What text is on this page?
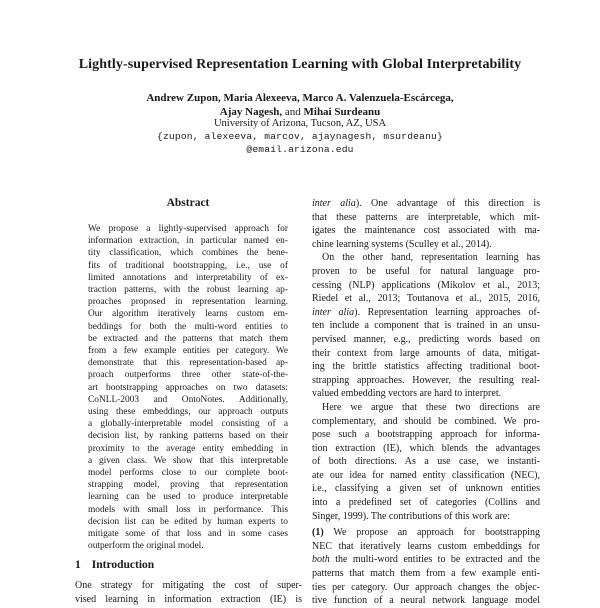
Lightly-supervised Representation Learning with Global Interpretability
Andrew Zupon, Maria Alexeeva, Marco A. Valenzuela-Escárcega,
Ajay Nagesh, and Mihai Surdeanu
University of Arizona, Tucson, AZ, USA
{zupon, alexeeva, marcov, ajaynagesh, msurdeanu}
@email.arizona.edu
Abstract
We propose a lightly-supervised approach for
information extraction, in particular named en-
tity classification, which combines the bene-
fits of traditional bootstrapping, i.e., use of
limited annotations and interpretability of ex-
traction patterns, with the robust learning ap-
proaches proposed in representation learning.
Our algorithm iteratively learns custom em-
beddings for both the multi-word entities to
be extracted and the patterns that match them
from a few example entities per category. We
demonstrate that this representation-based ap-
proach outperforms three other state-of-the-
art bootstrapping approaches on two datasets:
CoNLL-2003 and OntoNotes. Additionally,
using these embeddings, our approach outputs
a globally-interpretable model consisting of a
decision list, by ranking patterns based on their
proximity to the average entity embedding in
a given class. We show that this interpretable
model performs close to our complete boot-
strapping model, proving that representation
learning can be used to produce interpretable
models with small loss in performance. This
decision list can be edited by human experts to
mitigate some of that loss and in some cases
outperform the original model.
1 Introduction
One strategy for mitigating the cost of super-
vised learning in information extraction (IE) is
inter alia). One advantage of this direction is
that these patterns are interpretable, which mit-
igates the maintenance cost associated with ma-
chine learning systems (Sculley et al., 2014).
On the other hand, representation learning has
proven to be useful for natural language pro-
cessing (NLP) applications (Mikolov et al., 2013;
Riedel et al., 2013; Toutanova et al., 2015, 2016,
inter alia). Representation learning approaches of-
ten include a component that is trained in an unsu-
pervised manner, e.g., predicting words based on
their context from large amounts of data, mitigat-
ing the brittle statistics affecting traditional boot-
strapping approaches. However, the resulting real-
valued embedding vectors are hard to interpret.
Here we argue that these two directions are
complementary, and should be combined. We pro-
pose such a bootstrapping approach for informa-
tion extraction (IE), which blends the advantages
of both directions. As a use case, we instanti-
ate our idea for named entity classification (NEC),
i.e., classifying a given set of unknown entities
into a predefined set of categories (Collins and
Singer, 1999). The contributions of this work are:
(1) We propose an approach for bootstrapping
NEC that iteratively learns custom embeddings for
both the multi-word entities to be extracted and the
patterns that match them from a few example enti-
ties per category. Our approach changes the objec-
tive function of a neural network language model
